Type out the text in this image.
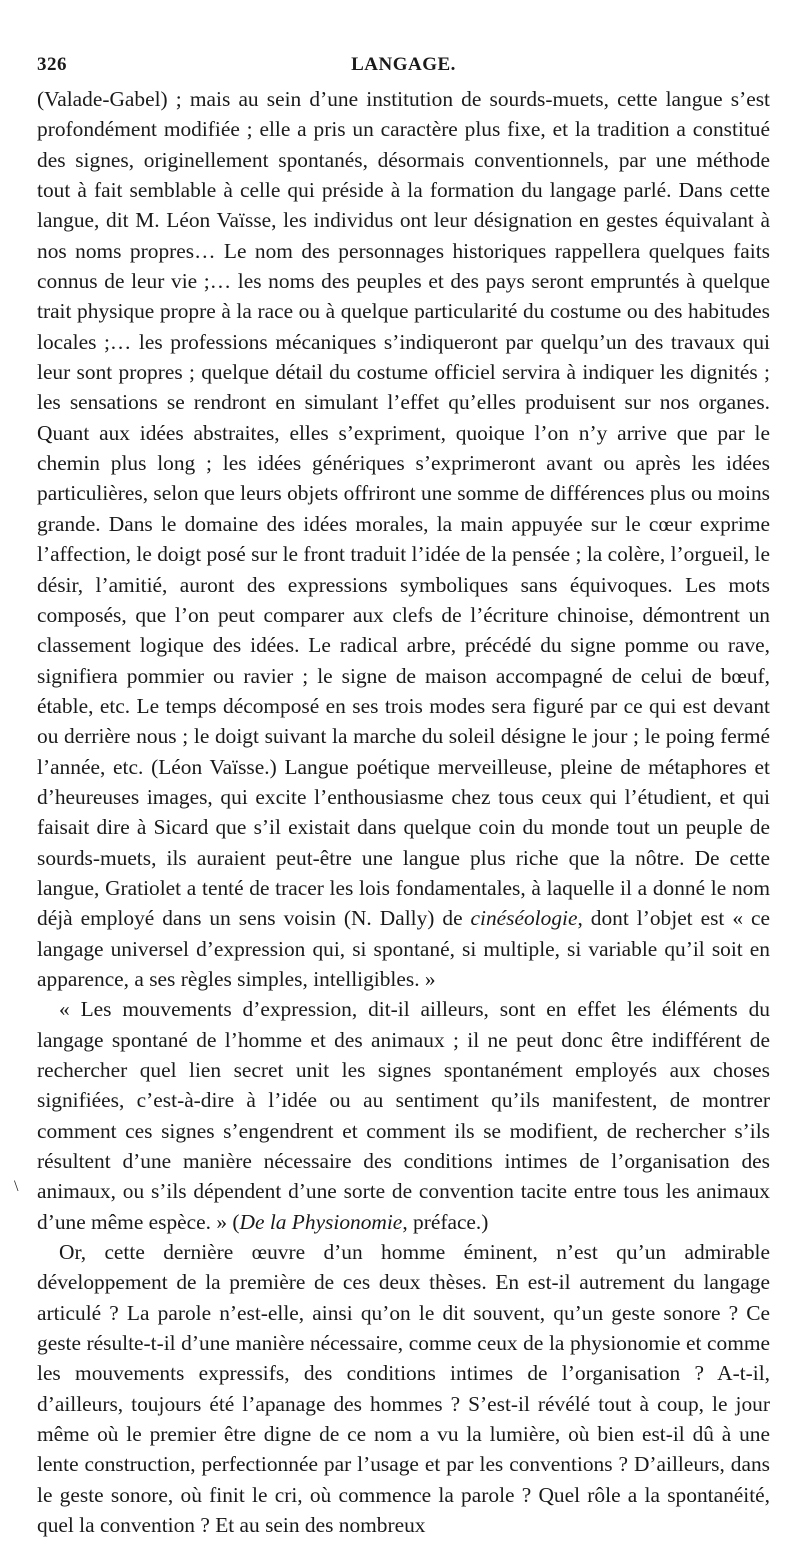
326	LANGAGE.
\

(Valade-Gabel) ; mais au sein d’une institution de sourds-muets, cette langue s’est profondément modifiée ; elle a pris un caractère plus fixe, et la tradition a constitué des signes, originellement spontanés, désormais conventionnels, par une méthode tout à fait semblable à celle qui préside à la formation du langage parlé. Dans cette langue, dit M. Léon Vaïsse, les individus ont leur désignation en gestes équivalant à nos noms propres… Le nom des personnages historiques rappellera quelques faits connus de leur vie ;… les noms des peuples et des pays seront empruntés à quelque trait physique propre à la race ou à quelque particularité du costume ou des habitudes locales ;… les professions mécaniques s’indiqueront par quelqu’un des travaux qui leur sont propres ; quelque détail du costume officiel servira à indiquer les dignités ; les sensations se rendront en simulant l’effet qu’elles produisent sur nos organes. Quant aux idées abstraites, elles s’expriment, quoique l’on n’y arrive que par le chemin plus long ; les idées génériques s’exprimeront avant ou après les idées particulières, selon que leurs objets offriront une somme de différences plus ou moins grande. Dans le domaine des idées morales, la main appuyée sur le cœur exprime l’affection, le doigt posé sur le front traduit l’idée de la pensée ; la colère, l’orgueil, le désir, l’amitié, auront des expressions symboliques sans équivoques. Les mots composés, que l’on peut comparer aux clefs de l’écriture chinoise, démontrent un classement logique des idées. Le radical arbre, précédé du signe pomme ou rave, signifiera pommier ou ravier ; le signe de maison accompagné de celui de bœuf, étable, etc. Le temps décomposé en ses trois modes sera figuré par ce qui est devant ou derrière nous ; le doigt suivant la marche du soleil désigne le jour ; le poing fermé l’année, etc. (Léon Vaïsse.) Langue poétique merveilleuse, pleine de métaphores et d’heureuses images, qui excite l’enthousiasme chez tous ceux qui l’étudient, et qui faisait dire à Sicard que s’il existait dans quelque coin du monde tout un peuple de sourds-muets, ils auraient peut-être une langue plus riche que la nôtre. De cette langue, Gratiolet a tenté de tracer les lois fondamentales, à laquelle il a donné le nom déjà employé dans un sens voisin (N. Dally) de cinéséologie, dont l’objet est « ce langage universel d’expression qui, si spontané, si multiple, si variable qu’il soit en apparence, a ses règles simples, intelligibles. »

« Les mouvements d’expression, dit-il ailleurs, sont en effet les éléments du langage spontané de l’homme et des animaux ; il ne peut donc être indifférent de rechercher quel lien secret unit les signes spontanément employés aux choses signifiées, c’est-à-dire à l’idée ou au sentiment qu’ils manifestent, de montrer comment ces signes s’engendrent et comment ils se modifient, de rechercher s’ils résultent d’une manière nécessaire des conditions intimes de l’organisation des animaux, ou s’ils dépendent d’une sorte de convention tacite entre tous les animaux d’une même espèce. » (De la Physionomie, préface.)

Or, cette dernière œuvre d’un homme éminent, n’est qu’un admirable développement de la première de ces deux thèses. En est-il autrement du langage articulé ? La parole n’est-elle, ainsi qu’on le dit souvent, qu’un geste sonore ? Ce geste résulte-t-il d’une manière nécessaire, comme ceux de la physionomie et comme les mouvements expressifs, des conditions intimes de l’organisation ? A-t-il, d’ailleurs, toujours été l’apanage des hommes ? S’est-il révélé tout à coup, le jour même où le premier être digne de ce nom a vu la lumière, où bien est-il dû à une lente construction, perfectionnée par l’usage et par les conventions ? D’ailleurs, dans le geste sonore, où finit le cri, où commence la parole ? Quel rôle a la spontanéité, quel la convention ? Et au sein des nombreux
